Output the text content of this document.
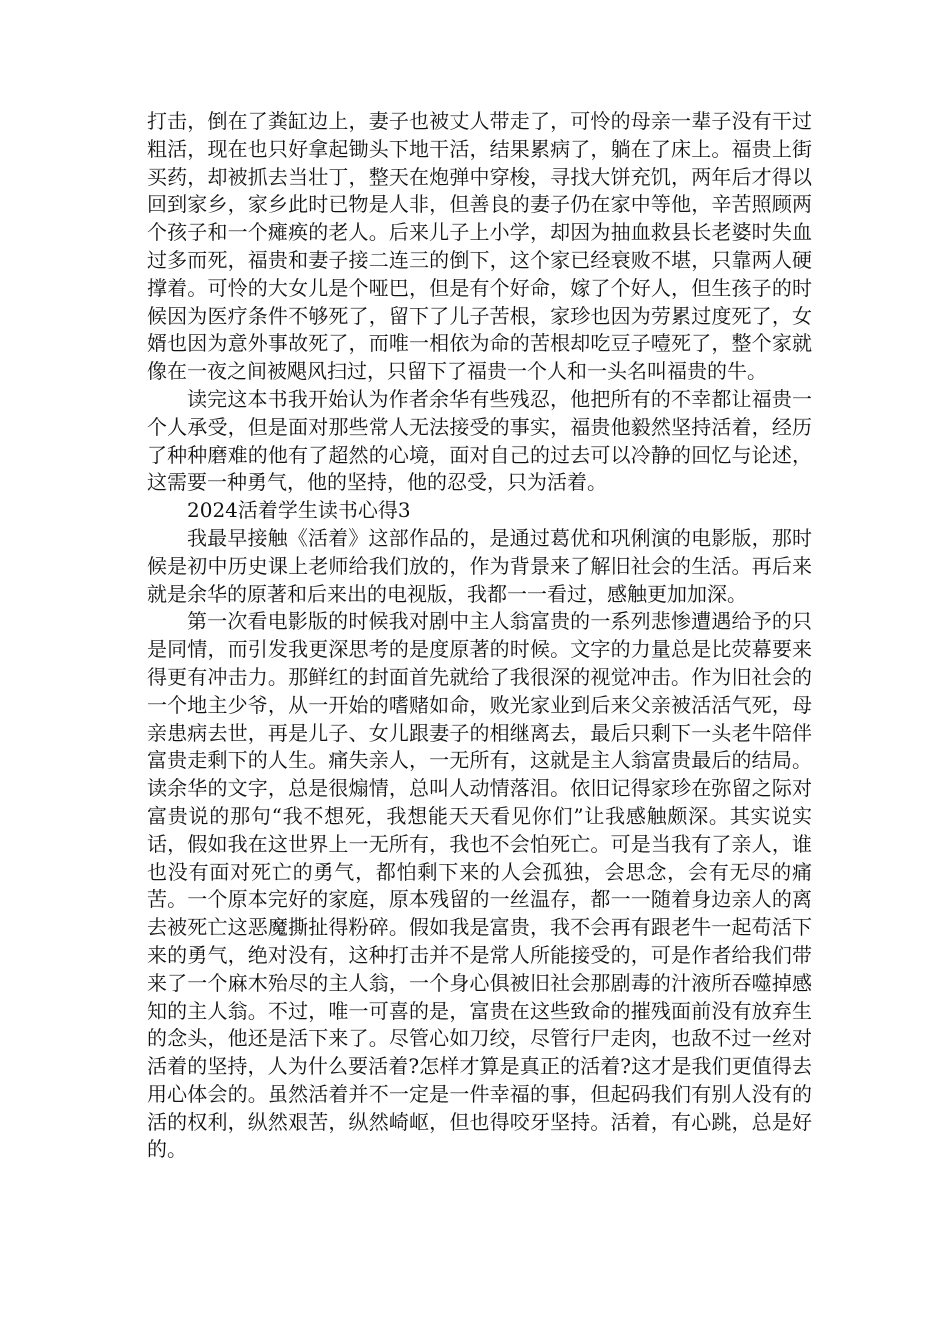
打击，倒在了粪缸边上，妻子也被丈人带走了，可怜的母亲一辈子没有干过粗活，现在也只好拿起锄头下地干活，结果累病了，躺在了床上。福贵上街买药，却被抓去当壮丁，整天在炮弹中穿梭，寻找大饼充饥，两年后才得以回到家乡，家乡此时已物是人非，但善良的妻子仍在家中等他，辛苦照顾两个孩子和一个瘫痪的老人。后来儿子上小学，却因为抽血救县长老婆时失血过多而死，福贵和妻子接二连三的倒下，这个家已经衰败不堪，只靠两人硬撑着。可怜的大女儿是个哑巴，但是有个好命，嫁了个好人，但生孩子的时候因为医疗条件不够死了，留下了儿子苦根，家珍也因为劳累过度死了，女婿也因为意外事故死了，而唯一相依为命的苦根却吃豆子噎死了，整个家就像在一夜之间被飓风扫过，只留下了福贵一个人和一头名叫福贵的牛。

读完这本书我开始认为作者余华有些残忍，他把所有的不幸都让福贵一个人承受，但是面对那些常人无法接受的事实，福贵他毅然坚持活着，经历了种种磨难的他有了超然的心境，面对自己的过去可以冷静的回忆与论述，这需要一种勇气，他的坚持，他的忍受，只为活着。

2024活着学生读书心得3

我最早接触《活着》这部作品的，是通过葛优和巩俐演的电影版，那时候是初中历史课上老师给我们放的，作为背景来了解旧社会的生活。再后来就是余华的原著和后来出的电视版，我都一一看过，感触更加加深。

第一次看电影版的时候我对剧中主人翁富贵的一系列悲惨遭遇给予的只是同情，而引发我更深思考的是度原著的时候。文字的力量总是比荧幕要来得更有冲击力。那鲜红的封面首先就给了我很深的视觉冲击。作为旧社会的一个地主少爷，从一开始的嗜赌如命，败光家业到后来父亲被活活气死，母亲患病去世，再是儿子、女儿跟妻子的相继离去，最后只剩下一头老牛陪伴富贵走剩下的人生。痛失亲人，一无所有，这就是主人翁富贵最后的结局。读余华的文字，总是很煽情，总叫人动情落泪。依旧记得家珍在弥留之际对富贵说的那句“我不想死，我想能天天看见你们”让我感触颇深。其实说实话，假如我在这世界上一无所有，我也不会怕死亡。可是当我有了亲人，谁也没有面对死亡的勇气，都怕剩下来的人会孤独，会思念，会有无尽的痛苦。一个原本完好的家庭，原本残留的一丝温存，都一一随着身边亲人的离去被死亡这恶魔撕扯得粉碎。假如我是富贵，我不会再有跟老牛一起苟活下来的勇气，绝对没有，这种打击并不是常人所能接受的，可是作者给我们带来了一个麻木殆尽的主人翁，一个身心俱被旧社会那剧毒的汁液所吞噬掉感知的主人翁。不过，唯一可喜的是，富贵在这些致命的摧残面前没有放弃生的念头，他还是活下来了。尽管心如刀绞，尽管行尸走肉，也敌不过一丝对活着的坚持，人为什么要活着?怎样才算是真正的活着?这才是我们更值得去用心体会的。虽然活着并不一定是一件幸福的事，但起码我们有别人没有的活的权利，纵然艰苦，纵然崎岖，但也得咬牙坚持。活着，有心跳，总是好的。
